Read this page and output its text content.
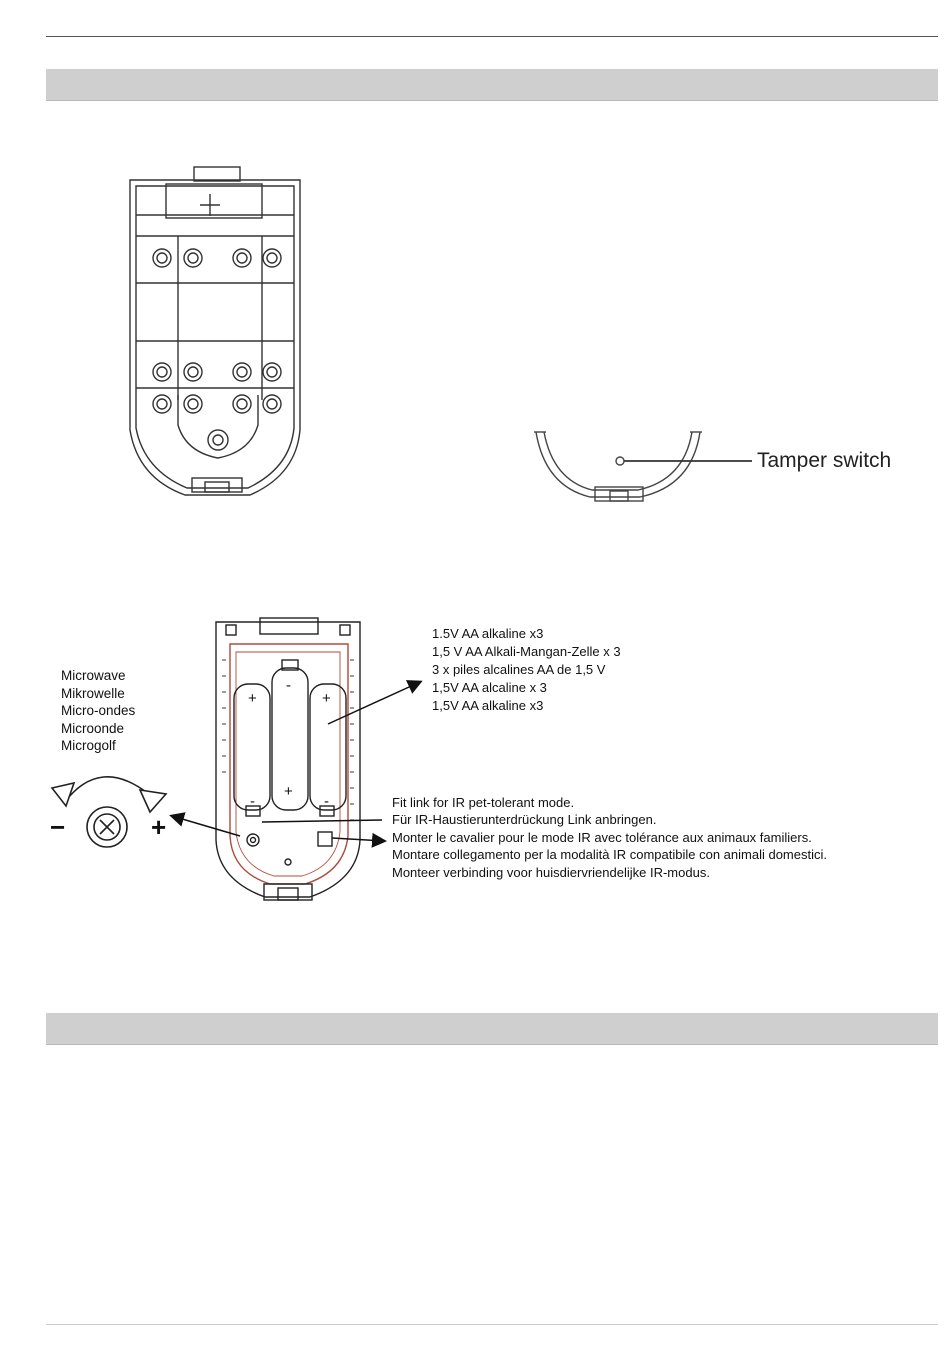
+
-
-
+
+
-
Tamper switch
Microwave
Mikrowelle
Micro-ondes
Microonde
Microgolf
−	+
1.5V AA alkaline x3
1,5 V AA Alkali-Mangan-Zelle x 3
3 x piles alcalines AA de 1,5 V
1,5V AA alcaline x 3
1,5V AA alkaline x3
Fit link for IR pet-tolerant mode.
Für IR-Haustierunterdrückung Link anbringen.
Monter le cavalier pour le mode IR avec tolérance aux animaux familiers.
Montare collegamento per la modalità IR compatibile con animali domestici.
Monteer verbinding voor huisdiervriendelijke IR-modus.
